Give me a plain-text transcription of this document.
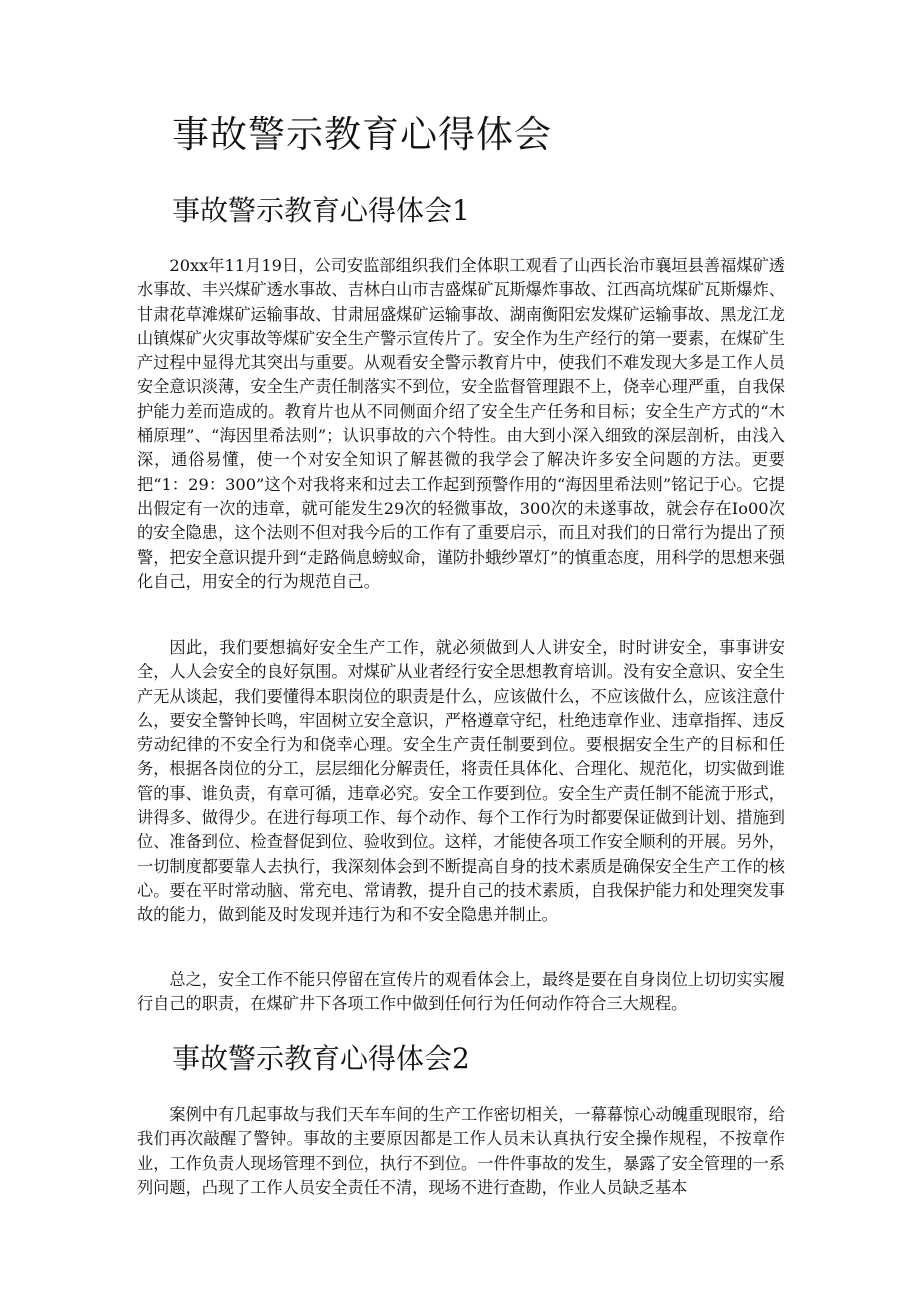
事故警示教育心得体会
事故警示教育心得体会1

20xx年11月19日，公司安监部组织我们全体职工观看了山西长治市襄垣县善福煤矿透水事故、丰兴煤矿透水事故、吉林白山市吉盛煤矿瓦斯爆炸事故、江西高坑煤矿瓦斯爆炸、甘肃花草滩煤矿运输事故、甘肃屈盛煤矿运输事故、湖南衡阳宏发煤矿运输事故、黑龙江龙山镇煤矿火灾事故等煤矿安全生产警示宣传片了。安全作为生产经行的第一要素，在煤矿生产过程中显得尤其突出与重要。从观看安全警示教育片中，使我们不难发现大多是工作人员安全意识淡薄，安全生产责任制落实不到位，安全监督管理跟不上，侥幸心理严重，自我保护能力差而造成的。教育片也从不同侧面介绍了安全生产任务和目标；安全生产方式的“木桶原理”、“海因里希法则”；认识事故的六个特性。由大到小深入细致的深层剖析，由浅入深，通俗易懂，使一个对安全知识了解甚微的我学会了解决许多安全问题的方法。更要把“1：29：300”这个对我将来和过去工作起到预警作用的“海因里希法则”铭记于心。它提出假定有一次的违章，就可能发生29次的轻微事故，300次的未遂事故，就会存在Io00次的安全隐患，这个法则不但对我今后的工作有了重要启示，而且对我们的日常行为提出了预警，把安全意识提升到“走路倘息螃蚁命，谨防扑蛾纱罩灯”的慎重态度，用科学的思想来强化自己，用安全的行为规范自己。

因此，我们要想搞好安全生产工作，就必须做到人人讲安全，时时讲安全，事事讲安全，人人会安全的良好氛围。对煤矿从业者经行安全思想教育培训。没有安全意识、安全生产无从谈起，我们要懂得本职岗位的职责是什么，应该做什么，不应该做什么，应该注意什么，要安全警钟长鸣，牢固树立安全意识，严格遵章守纪，杜绝违章作业、违章指挥、违反劳动纪律的不安全行为和侥幸心理。安全生产责任制要到位。要根据安全生产的目标和任务，根据各岗位的分工，层层细化分解责任，将责任具体化、合理化、规范化，切实做到谁管的事、谁负责，有章可循，违章必究。安全工作要到位。安全生产责任制不能流于形式，讲得多、做得少。在进行每项工作、每个动作、每个工作行为时都要保证做到计划、措施到位、准备到位、检查督促到位、验收到位。这样，才能使各项工作安全顺利的开展。另外，一切制度都要靠人去执行，我深刻体会到不断提高自身的技术素质是确保安全生产工作的核心。要在平时常动脑、常充电、常请教，提升自己的技术素质，自我保护能力和处理突发事故的能力，做到能及时发现并违行为和不安全隐患并制止。

总之，安全工作不能只停留在宣传片的观看体会上，最终是要在自身岗位上切切实实履行自己的职责，在煤矿井下各项工作中做到任何行为任何动作符合三大规程。

事故警示教育心得体会2

案例中有几起事故与我们天车车间的生产工作密切相关，一幕幕惊心动魄重现眼帘，给我们再次敲醒了警钟。事故的主要原因都是工作人员未认真执行安全操作规程，不按章作业，工作负责人现场管理不到位，执行不到位。一件件事故的发生，暴露了安全管理的一系列问题，凸现了工作人员安全责任不清，现场不进行查勘，作业人员缺乏基本
